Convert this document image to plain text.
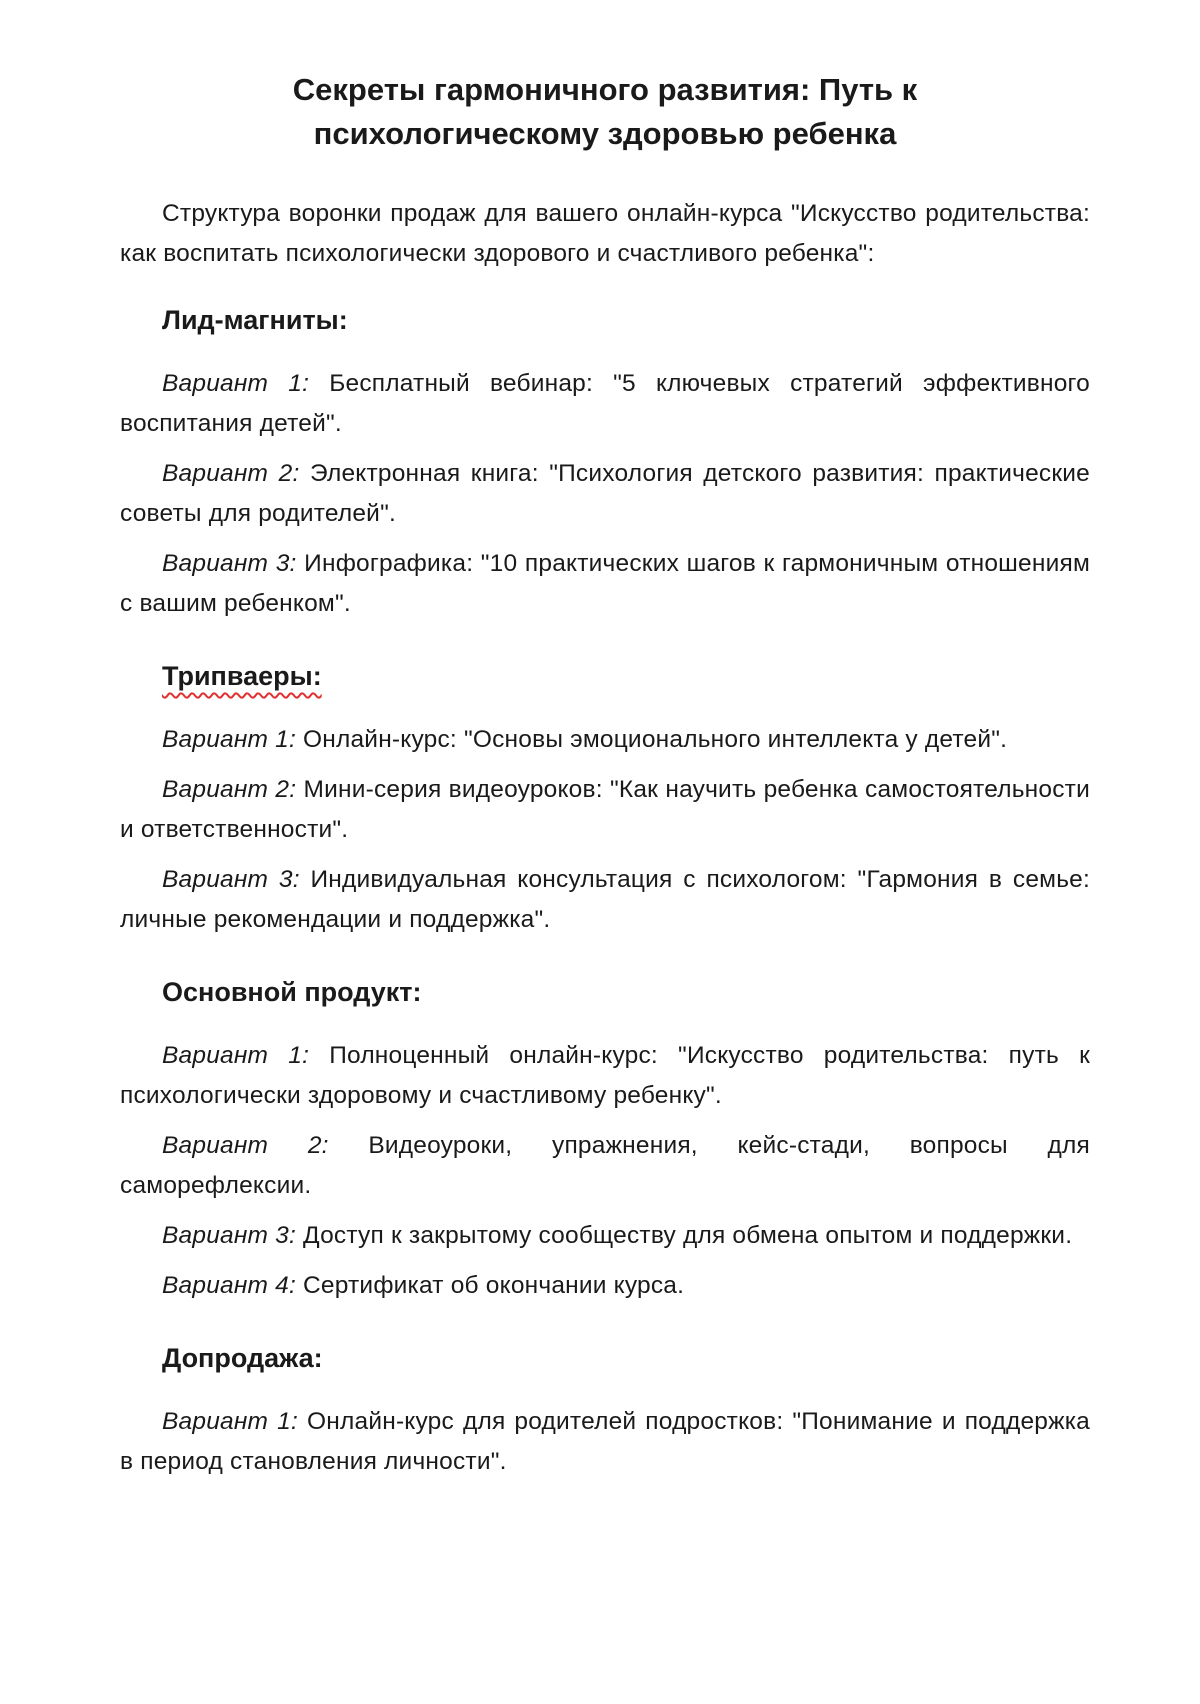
Секреты гармоничного развития: Путь к
психологическому здоровью ребенка

Структура воронки продаж для вашего онлайн-курса "Искусство родительства: как воспитать психологически здорового и счастливого ребенка":

Лид-магниты:

Вариант 1: Бесплатный вебинар: "5 ключевых стратегий эффективного воспитания детей".

Вариант 2: Электронная книга: "Психология детского развития: практические советы для родителей".

Вариант 3: Инфографика: "10 практических шагов к гармоничным отношениям с вашим ребенком".

Трипваеры:

Вариант 1: Онлайн-курс: "Основы эмоционального интеллекта у детей".

Вариант 2: Мини-серия видеоуроков: "Как научить ребенка самостоятельности и ответственности".

Вариант 3: Индивидуальная консультация с психологом: "Гармония в семье: личные рекомендации и поддержка".

Основной продукт:

Вариант 1: Полноценный онлайн-курс: "Искусство родительства: путь к психологически здоровому и счастливому ребенку".

Вариант 2: Видеоуроки, упражнения, кейс-стади, вопросы для саморефлексии.

Вариант 3: Доступ к закрытому сообществу для обмена опытом и поддержки.

Вариант 4: Сертификат об окончании курса.

Допродажа:

Вариант 1: Онлайн-курс для родителей подростков: "Понимание и поддержка в период становления личности".
